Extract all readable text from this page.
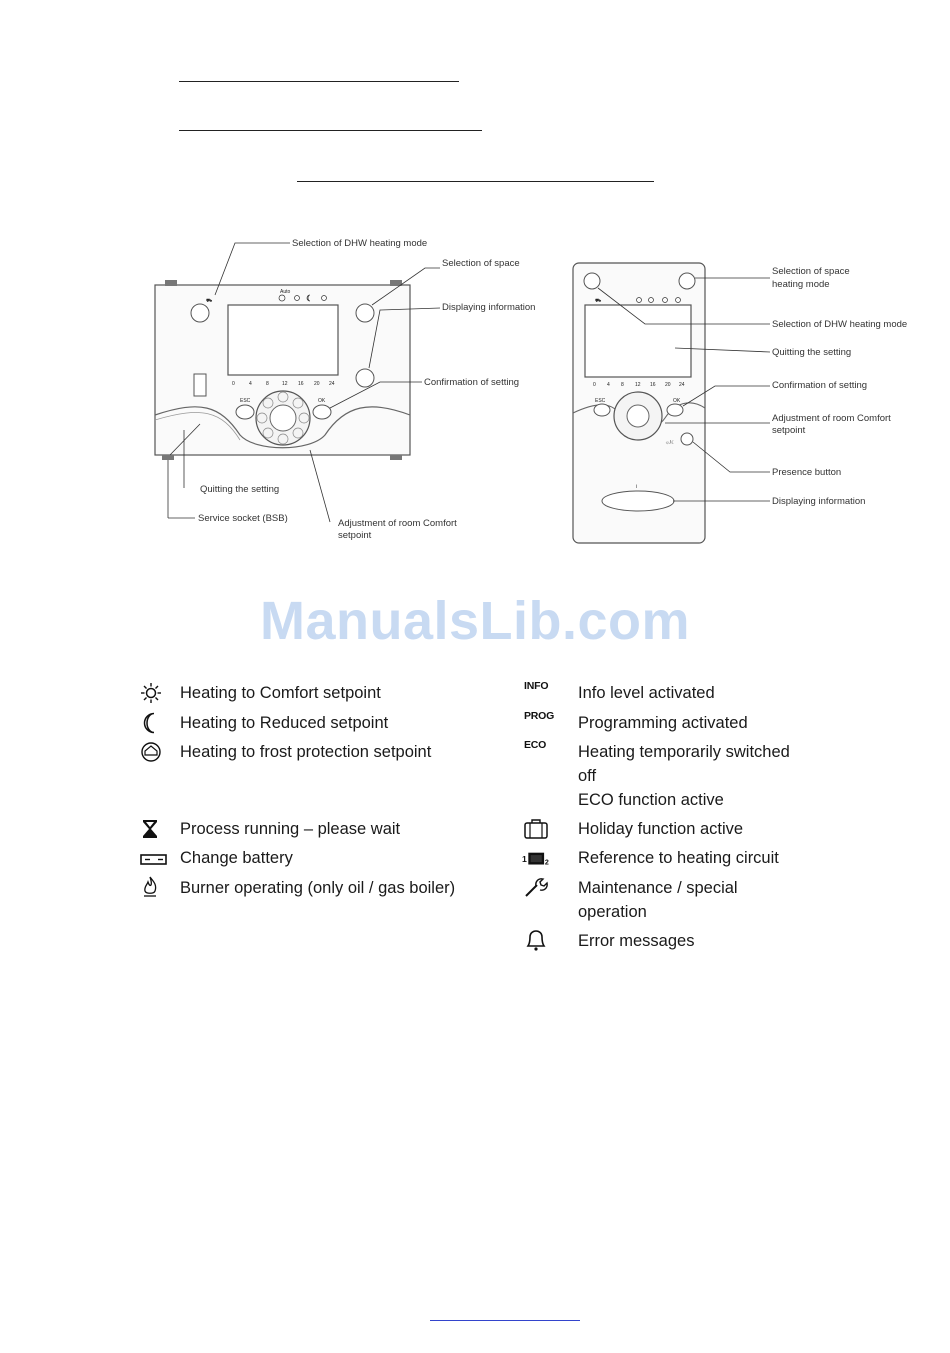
Auto
⛟
0	4	8	12 16 20 24
ESC	OK
Selection of DHW heating mode
Selection of space
Displaying information
Confirmation of setting
Quitting the setting
Service socket (BSB)	Adjustment of room Comfort
setpoint
⛟
0 4 8 12 16 20 24
ESC	OK
☼/☾
i
Selection of space
heating mode
Selection of DHW heating mode
Quitting the setting
Confirmation of setting
Adjustment of room Comfort
setpoint
Presence button
Displaying information
ManualsLib.com
Heating to Comfort setpoint
Heating to Reduced setpoint
Heating to frost protection setpoint
Process running – please wait
Change battery
Burner operating (only oil / gas boiler)
INFO Info level activated
PROG Programming activated
ECO Heating temporarily switched
off
ECO function active
Holiday function active
1 2 Reference to heating circuit
Maintenance / special
operation
Error messages
